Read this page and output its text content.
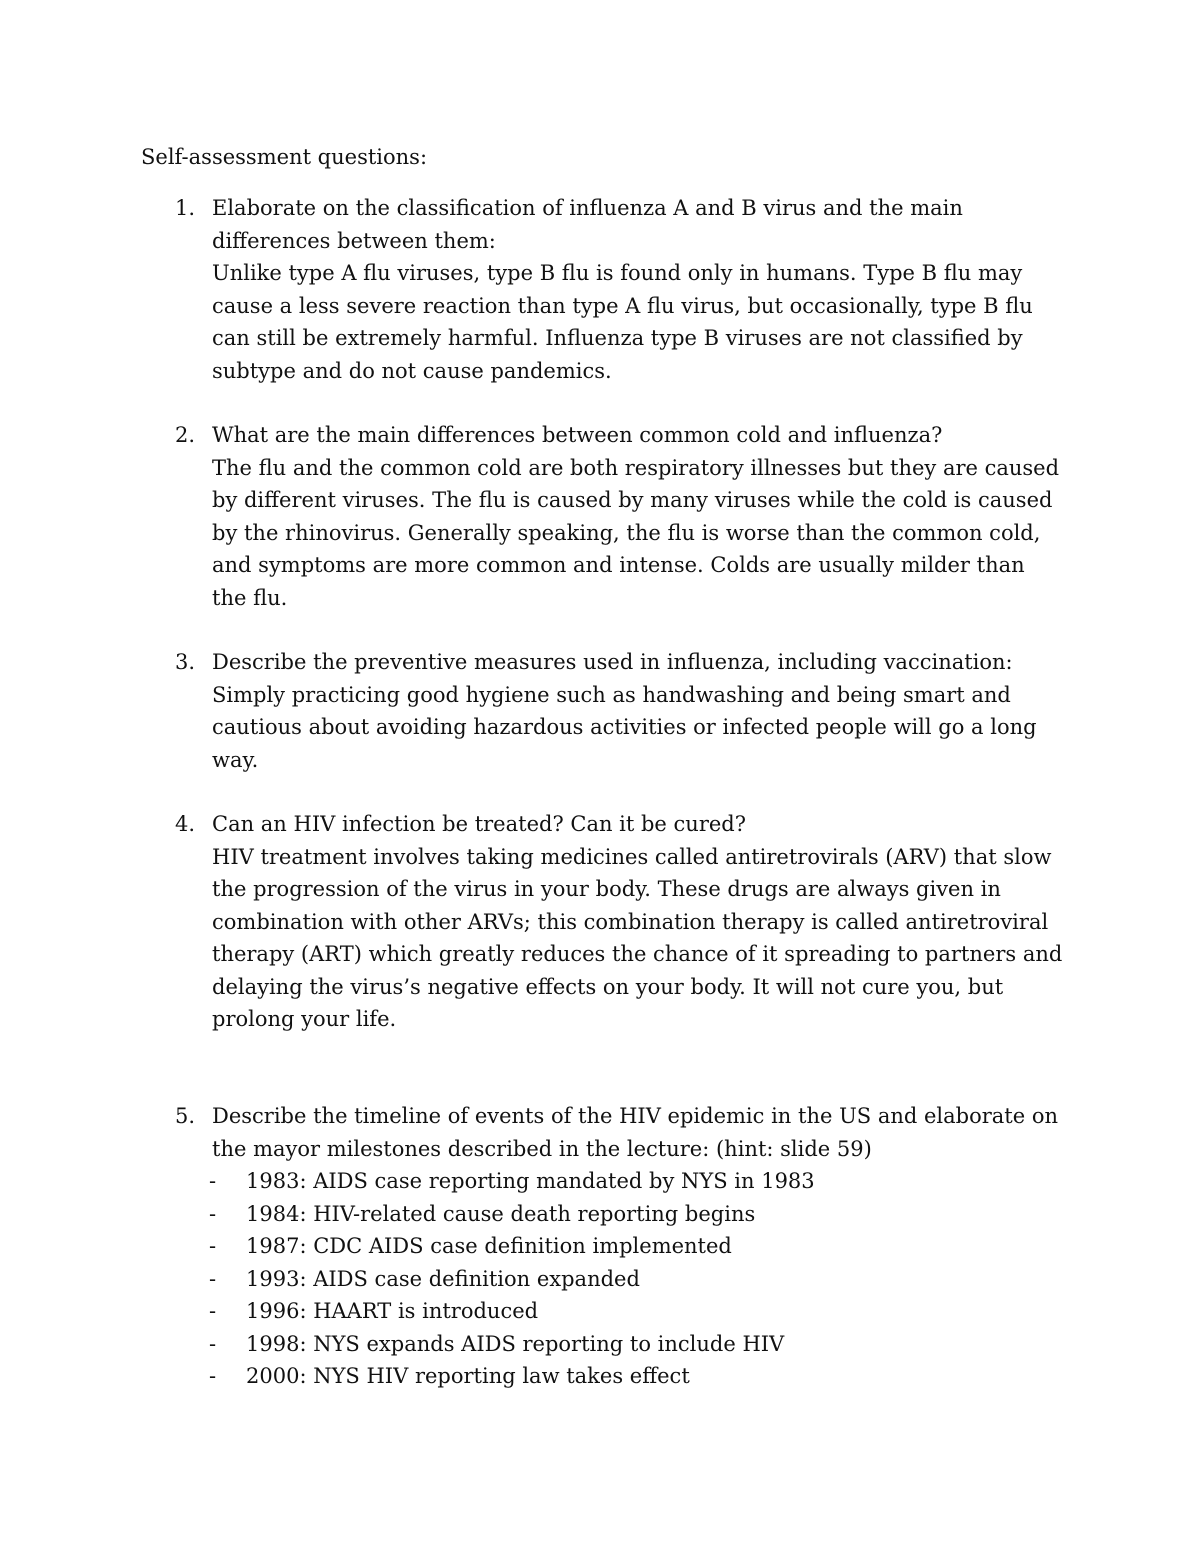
Self-assessment questions:
1. Elaborate on the classification of influenza A and B virus and the main differences between them:

Unlike type A flu viruses, type B flu is found only in humans. Type B flu may cause a less severe reaction than type A flu virus, but occasionally, type B flu can still be extremely harmful. Influenza type B viruses are not classified by subtype and do not cause pandemics.

2. What are the main differences between common cold and influenza?

The flu and the common cold are both respiratory illnesses but they are caused by different viruses. The flu is caused by many viruses while the cold is caused by the rhinovirus. Generally speaking, the flu is worse than the common cold, and symptoms are more common and intense. Colds are usually milder than the flu.

3. Describe the preventive measures used in influenza, including vaccination:

Simply practicing good hygiene such as handwashing and being smart and cautious about avoiding hazardous activities or infected people will go a long way.

4. Can an HIV infection be treated? Can it be cured?

HIV treatment involves taking medicines called antiretrovirals (ARV) that slow the progression of the virus in your body. These drugs are always given in combination with other ARVs; this combination therapy is called antiretroviral therapy (ART) which greatly reduces the chance of it spreading to partners and delaying the virus’s negative effects on your body. It will not cure you, but prolong your life.

5. Describe the timeline of events of the HIV epidemic in the US and elaborate on the mayor milestones described in the lecture: (hint: slide 59)

- 1983: AIDS case reporting mandated by NYS in 1983
- 1984: HIV-related cause death reporting begins
- 1987: CDC AIDS case definition implemented
- 1993: AIDS case definition expanded
- 1996: HAART is introduced
- 1998: NYS expands AIDS reporting to include HIV
- 2000: NYS HIV reporting law takes effect
